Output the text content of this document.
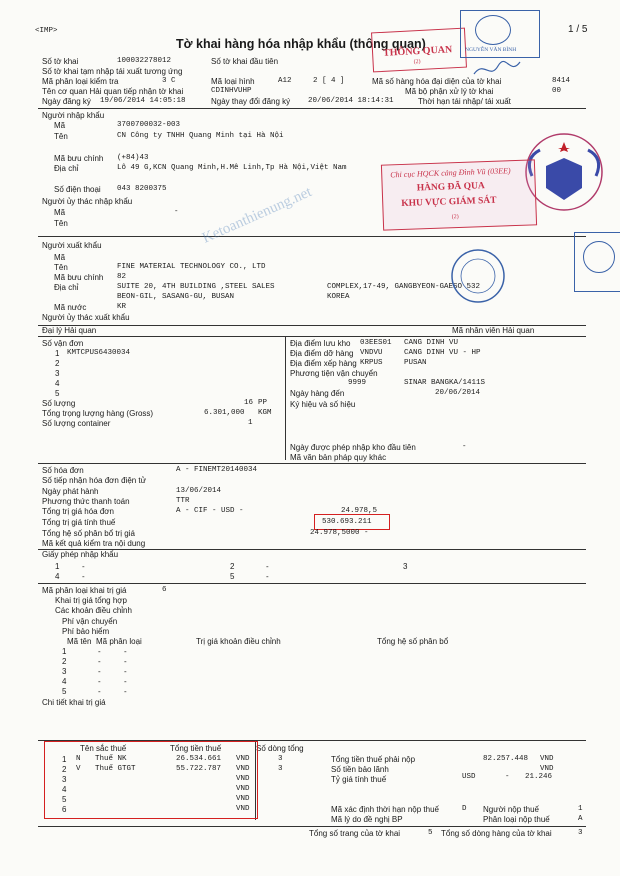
<IMP>
Tờ khai hàng hóa nhập khẩu (thông quan)
1 / 5
Số tờ khai	100032278012	Số tờ khai đầu tiên
Số tờ khai tạm nhập tái xuất tương ứng
Mã phân loại kiểm tra	3 C	Mã loại hình	A12	2 [ 4 ]	Mã số hàng hóa đại diện của tờ khai	8414
Tên cơ quan Hải quan tiếp nhận tờ khai	CDINHVUHP	Mã bộ phận xử lý tờ khai	00
Ngày đăng ký 19/06/2014 14:05:18	Ngày thay đổi đăng ký 20/06/2014 18:14:31	Thời hạn tái nhập/ tái xuất
Người nhập khẩu
Mã	3700700032-003
Tên	CN Công ty TNHH Quang Minh tại Hà Nội
Mã bưu chính (+84)43
Địa chỉ	Lô 49 G,KCN Quang Minh,H.Mê Linh,Tp Hà Nội,Việt Nam
Số điện thoại 043 8200375
Người ủy thác nhập khẩu
Mã	-
Tên
Người xuất khẩu
Mã
Tên	FINE MATERIAL TECHNOLOGY CO., LTD
Mã bưu chính 82
Địa chỉ	SUITE 20, 4TH BUILDING ,STEEL SALES	COMPLEX,17-49, GANGBYEON-GAESO 532
BEON-GIL, SASANG-GU, BUSAN	KOREA
Mã nước	KR
Người ủy thác xuất khẩu
Đại lý Hải quan	Mã nhân viên Hải quan
Số vận đơn
1 KMTCPUS6430034
2
3
4
5
Số lượng	16 PP
Tổng trọng lượng hàng (Gross)	6.301,000 KGM
Số lượng container	1
Địa điểm lưu kho 03EES01 CANG DINH VU
Địa điểm dỡ hàng VNDVU	CANG DINH VU - HP
Địa điểm xếp hàng KRPUS	PUSAN
Phương tiện vận chuyển
9999	SINAR BANGKA/1411S
Ngày hàng đến	20/06/2014
Ký hiệu và số hiệu
Ngày được phép nhập kho đầu tiên	-
Mã văn bản pháp quy khác
Số hóa đơn	A - FINEMT20140034
Số tiếp nhận hóa đơn điện tử
Ngày phát hành	13/06/2014
Phương thức thanh toán	TTR
Tổng trị giá hóa đơn	A - CIF - USD -	24.978,5
Tổng trị giá tính thuế	530.693.211
Tổng hệ số phân bổ trị giá	24.978,5000 -
Mã kết quả kiểm tra nội dung
Giấy phép nhập khẩu
1	-	2	-	3
4	-	5	-
Mã phân loại khai trị giá	6
Khai trị giá tổng hợp
Các khoản điều chỉnh
Phí vận chuyển
Phí bảo hiểm
Mã tên Mã phân loại	Trị giá khoản điều chỉnh	Tổng hệ số phân bổ
1	-	-
2	-	-
3	-	-
4	-	-
5	-	-
Chi tiết khai trị giá
Tên sắc thuế	Tổng tiền thuế	Số dòng tổng
1 N Thuế NK	26.534.661 VND	3
2 V Thuế GTGT	55.722.787 VND	3
3	VND
4	VND
5	VND
6	VND
Tổng tiền thuế phải nộp	82.257.448 VND
Số tiền bảo lãnh	VND
Tỷ giá tính thuế	USD	- 21.246
Mã xác định thời hạn nộp thuế	D Người nộp thuế	1
Mã lý do đề nghị BP	Phân loại nộp thuế	A
Tổng số trang của tờ khai	5 Tổng số dòng hàng của tờ khai	3
THÔNG QUAN
(2)
NGUYỄN VĂN BÌNH
Chi cục HQCK cảng Đình Vũ (03EE)
HÀNG ĐÃ QUA
KHU VỰC GIÁM SÁT
(2)
Ketoanthienung.net
